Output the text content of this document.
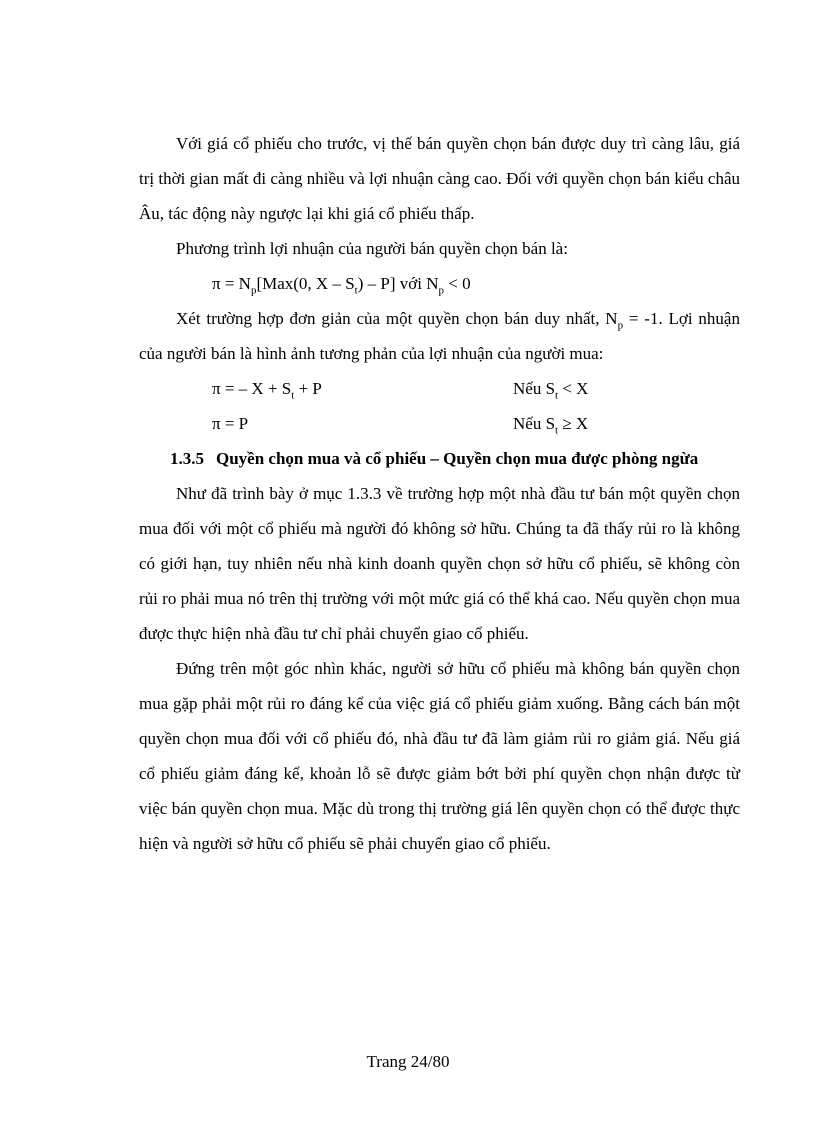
Với giá cổ phiếu cho trước, vị thế bán quyền chọn bán được duy trì càng lâu, giá trị thời gian mất đi càng nhiều và lợi nhuận càng cao. Đối với quyền chọn bán kiểu châu Âu, tác động này ngược lại khi giá cổ phiếu thấp.

Phương trình lợi nhuận của người bán quyền chọn bán là:

$\pi = N_p[Max(0$, X – $S_t) - P$] với $N_p < 0$

Xét trường hợp đơn giản của một quyền chọn bán duy nhất, $N_p = -1$. Lợi nhuận của người bán là hình ảnh tương phản của lợi nhuận của người mua:

π = – $X + S_t + P$	Nếu $S_t < X$
π = P	Nếu $S_t \ge X$
1.3.5 Quyền chọn mua và cổ phiếu – Quyền chọn mua được phòng ngừa

Như đã trình bày ở mục 1.3.3 về trường hợp một nhà đầu tư bán một quyền chọn mua đối với một cổ phiếu mà người đó không sở hữu. Chúng ta đã thấy rủi ro là không có giới hạn, tuy nhiên nếu nhà kinh doanh quyền chọn sở hữu cổ phiếu, sẽ không còn rủi ro phải mua nó trên thị trường với một mức giá có thể khá cao. Nếu quyền chọn mua được thực hiện nhà đầu tư chỉ phải chuyển giao cổ phiếu.

Đứng trên một góc nhìn khác, người sở hữu cổ phiếu mà không bán quyền chọn mua gặp phải một rủi ro đáng kể của việc giá cổ phiếu giảm xuống. Bằng cách bán một quyền chọn mua đối với cổ phiếu đó, nhà đầu tư đã làm giảm rủi ro giảm giá. Nếu giá cổ phiếu giảm đáng kể, khoản lỗ sẽ được giảm bớt bởi phí quyền chọn nhận được từ việc bán quyền chọn mua. Mặc dù trong thị trường giá lên quyền chọn có thể được thực hiện và người sở hữu cổ phiếu sẽ phải chuyển giao cổ phiếu.

Trang 24/80
